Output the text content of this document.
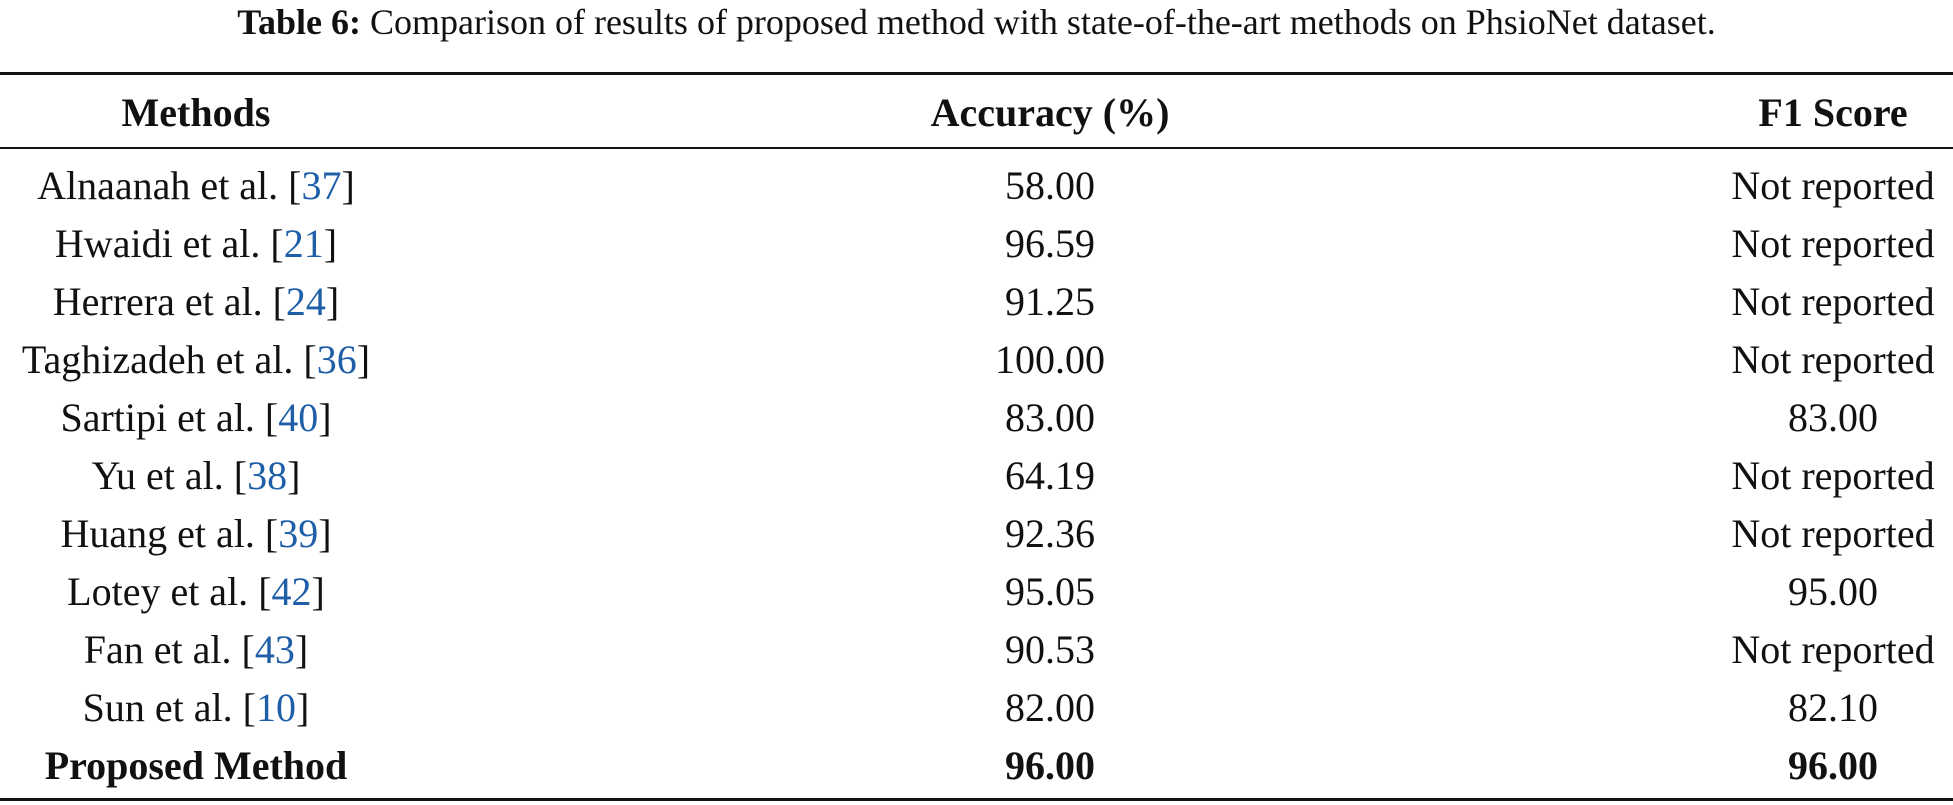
Table 6: Comparison of results of proposed method with state-of-the-art methods on PhsioNet dataset.
Methods	Accuracy (%)	F1 Score
Alnaanah et al. [37]	58.00	Not reported
Hwaidi et al. [21]	96.59	Not reported
Herrera et al. [24]	91.25	Not reported
Taghizadeh et al. [36]	100.00	Not reported
Sartipi et al. [40]	83.00	83.00
Yu et al. [38]	64.19	Not reported
Huang et al. [39]	92.36	Not reported
Lotey et al. [42]	95.05	95.00
Fan et al. [43]	90.53	Not reported
Sun et al. [10]	82.00	82.10
Proposed Method	96.00	96.00
